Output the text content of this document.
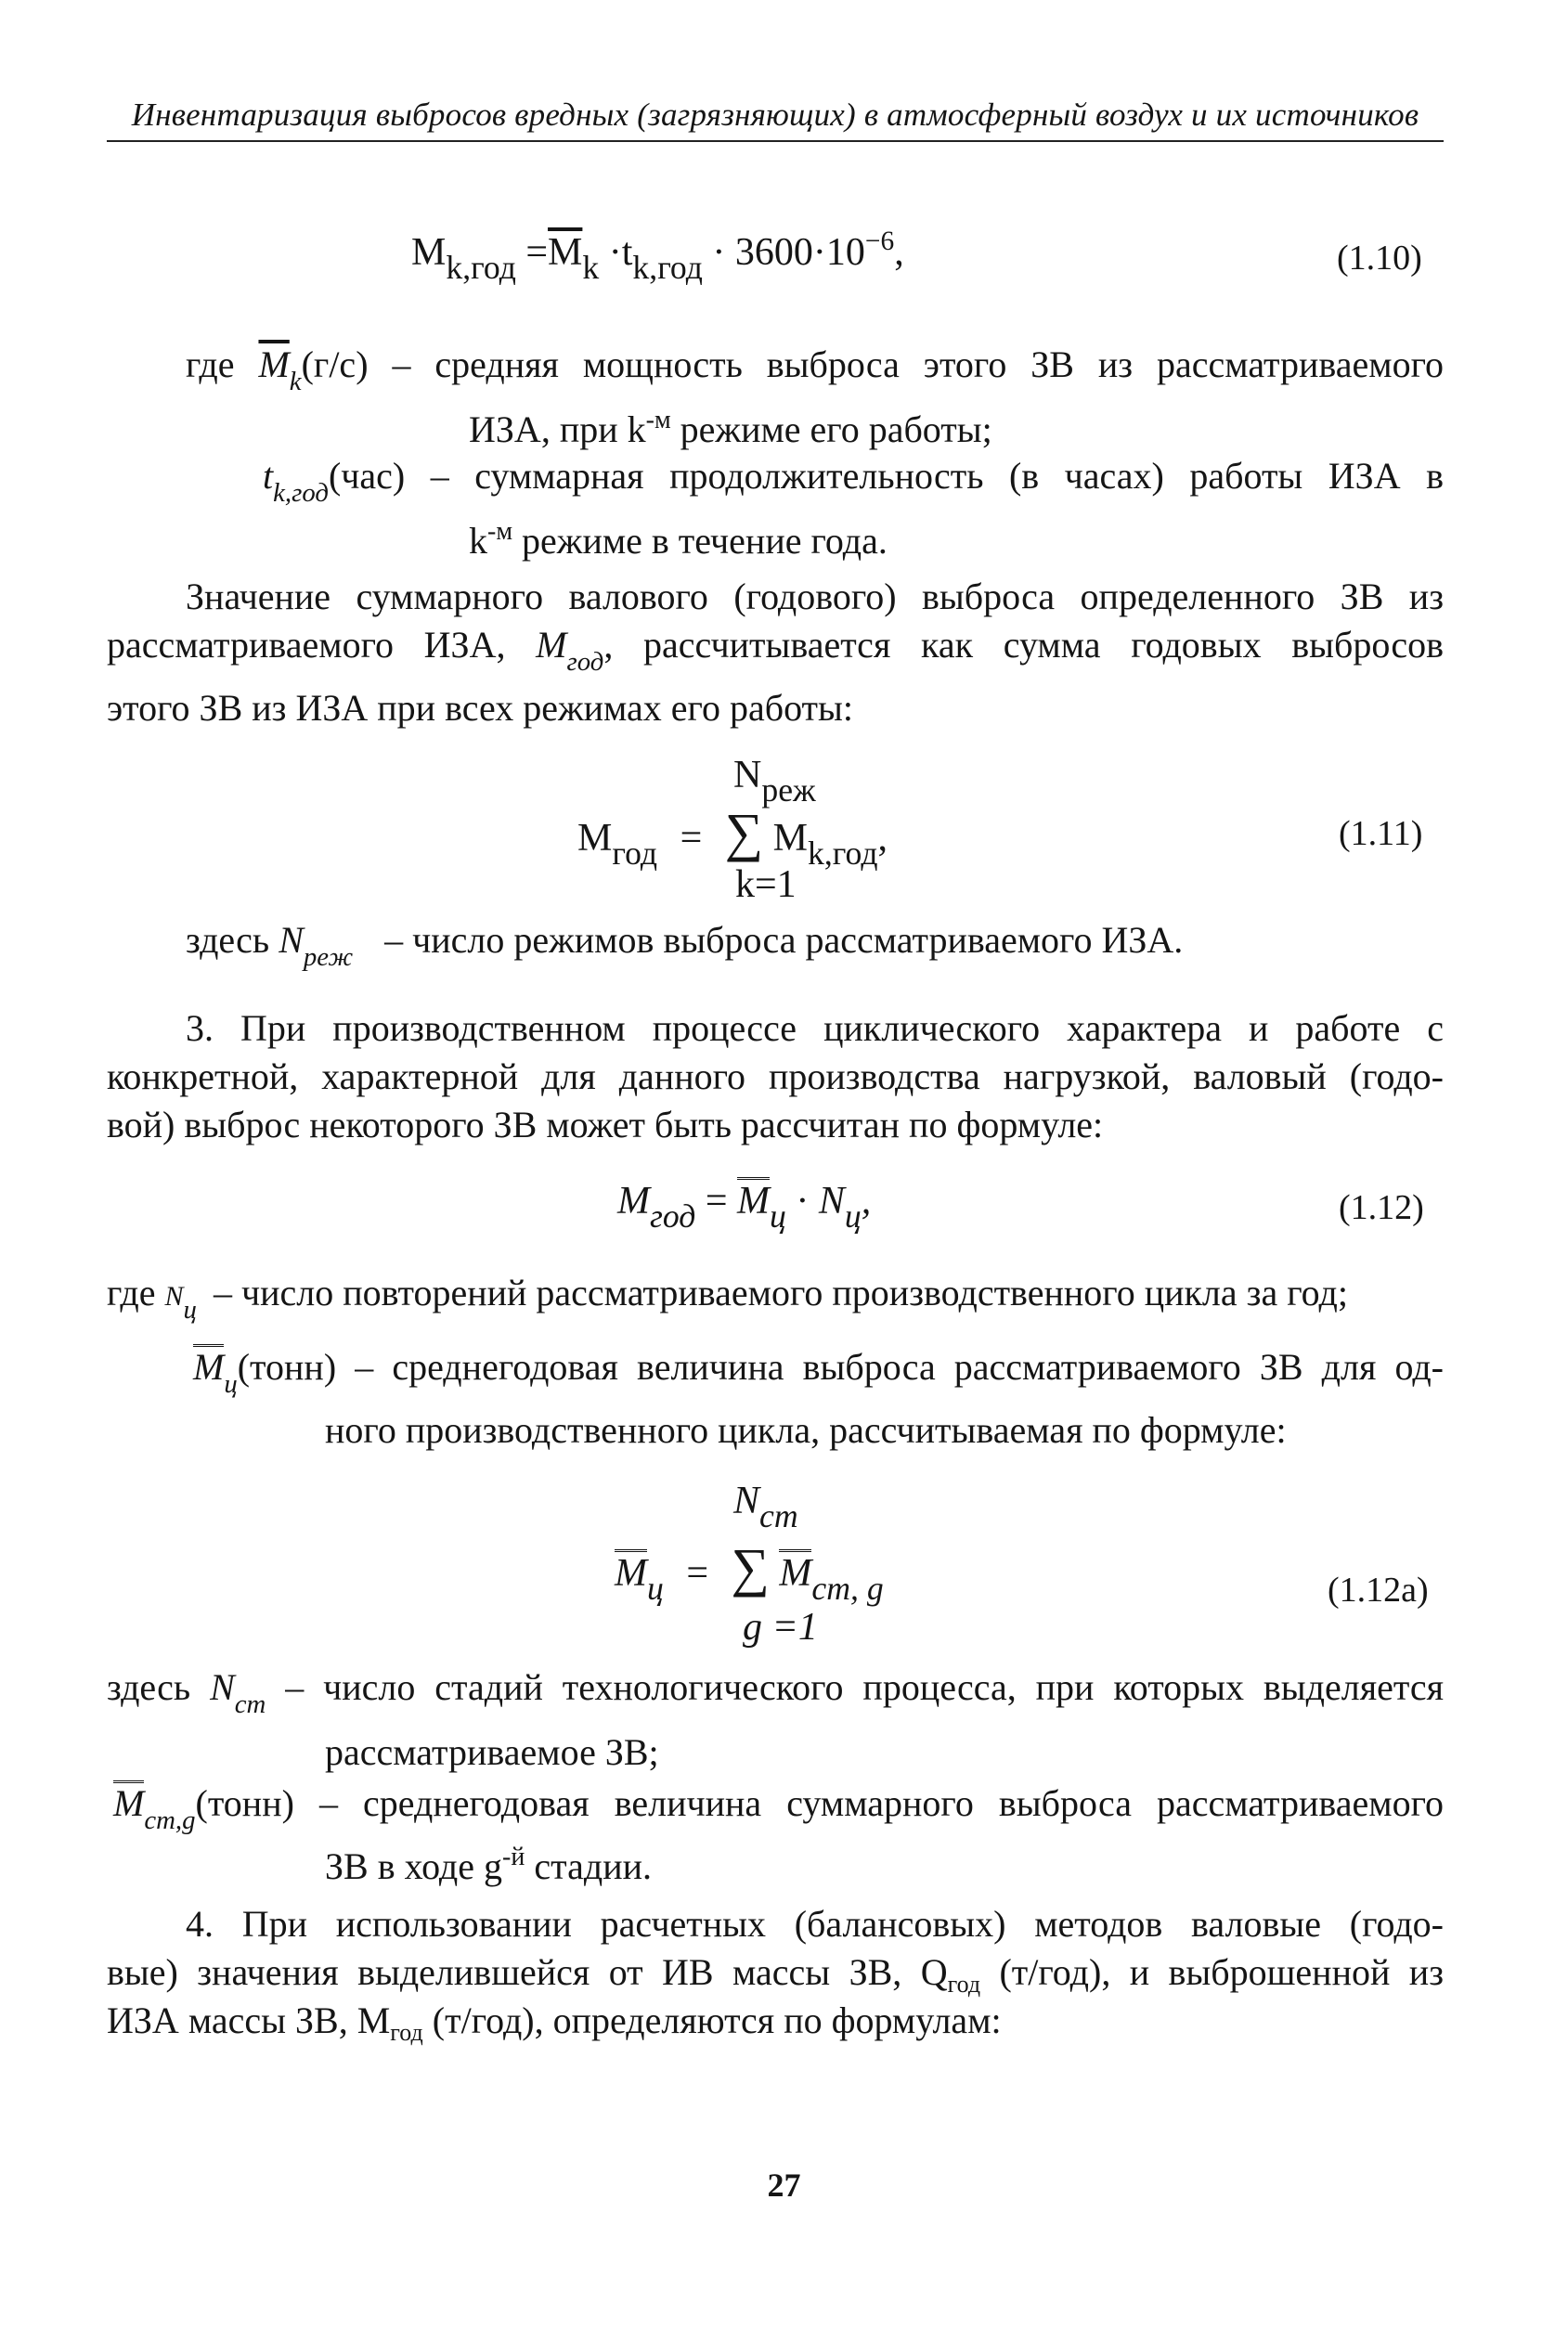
Инвентаризация выбросов вредных (загрязняющих) в атмосферный воздух и их источников
$Mk,год =\overline{M}k \cdot tk,год \cdot 3600\cdot 10^{-6}$,	(1.10)
где $\overline{M}_k(г/с)$ – средняя мощность выброса этого ЗВ из рассматриваемого
ИЗА, при $k^{-м}$ режиме его работы;
$t_{k,год}(час)$ – суммарная продолжительность (в часах) работы ИЗА в
$k^{-м}$ режиме в течение года.
Значение суммарного валового (годового) выброса определенного ЗВ из
рассматриваемого ИЗА, $M_{год}$, рассчитывается как сумма годовых выбросов
этого ЗВ из ИЗА при всех режимах его работы:
Nреж
Mгод = ∑ Mk,год,
k=1
(1.11)
здесь $N_{реж}$ – число режимов выброса рассматриваемого ИЗА.
3. При производственном процессе циклического характера и работе с
конкретной, характерной для данного производства нагрузкой, валовый (годо-
вой) выброс некоторого ЗВ может быть рассчитан по формуле:
Mгод = Mц · Nц,	(1.12)
где $N_ц$ – число повторений рассматриваемого производственного цикла за год;
$M_ц(тонн)$ – среднегодовая величина выброса рассматриваемого ЗВ для од-
ного производственного цикла, рассчитываемая по формуле:
Ncm
Mц = ∑ Mcm, g
g =1
(1.12а)
здесь $N_{cm}$ – число стадий технологического процесса, при которых выделяется
рассматриваемое ЗВ;
$M_{cm,g}(тонн)$ – среднегодовая величина суммарного выброса рассматриваемого
ЗВ в ходе $g^{-й}$ стадии.
4. При использовании расчетных (балансовых) методов валовые (годо-
вые) значения выделившейся от ИВ массы ЗВ, Qгод (т/год), и выброшенной из
ИЗА массы ЗВ, Mгод (т/год), определяются по формулам:
27
